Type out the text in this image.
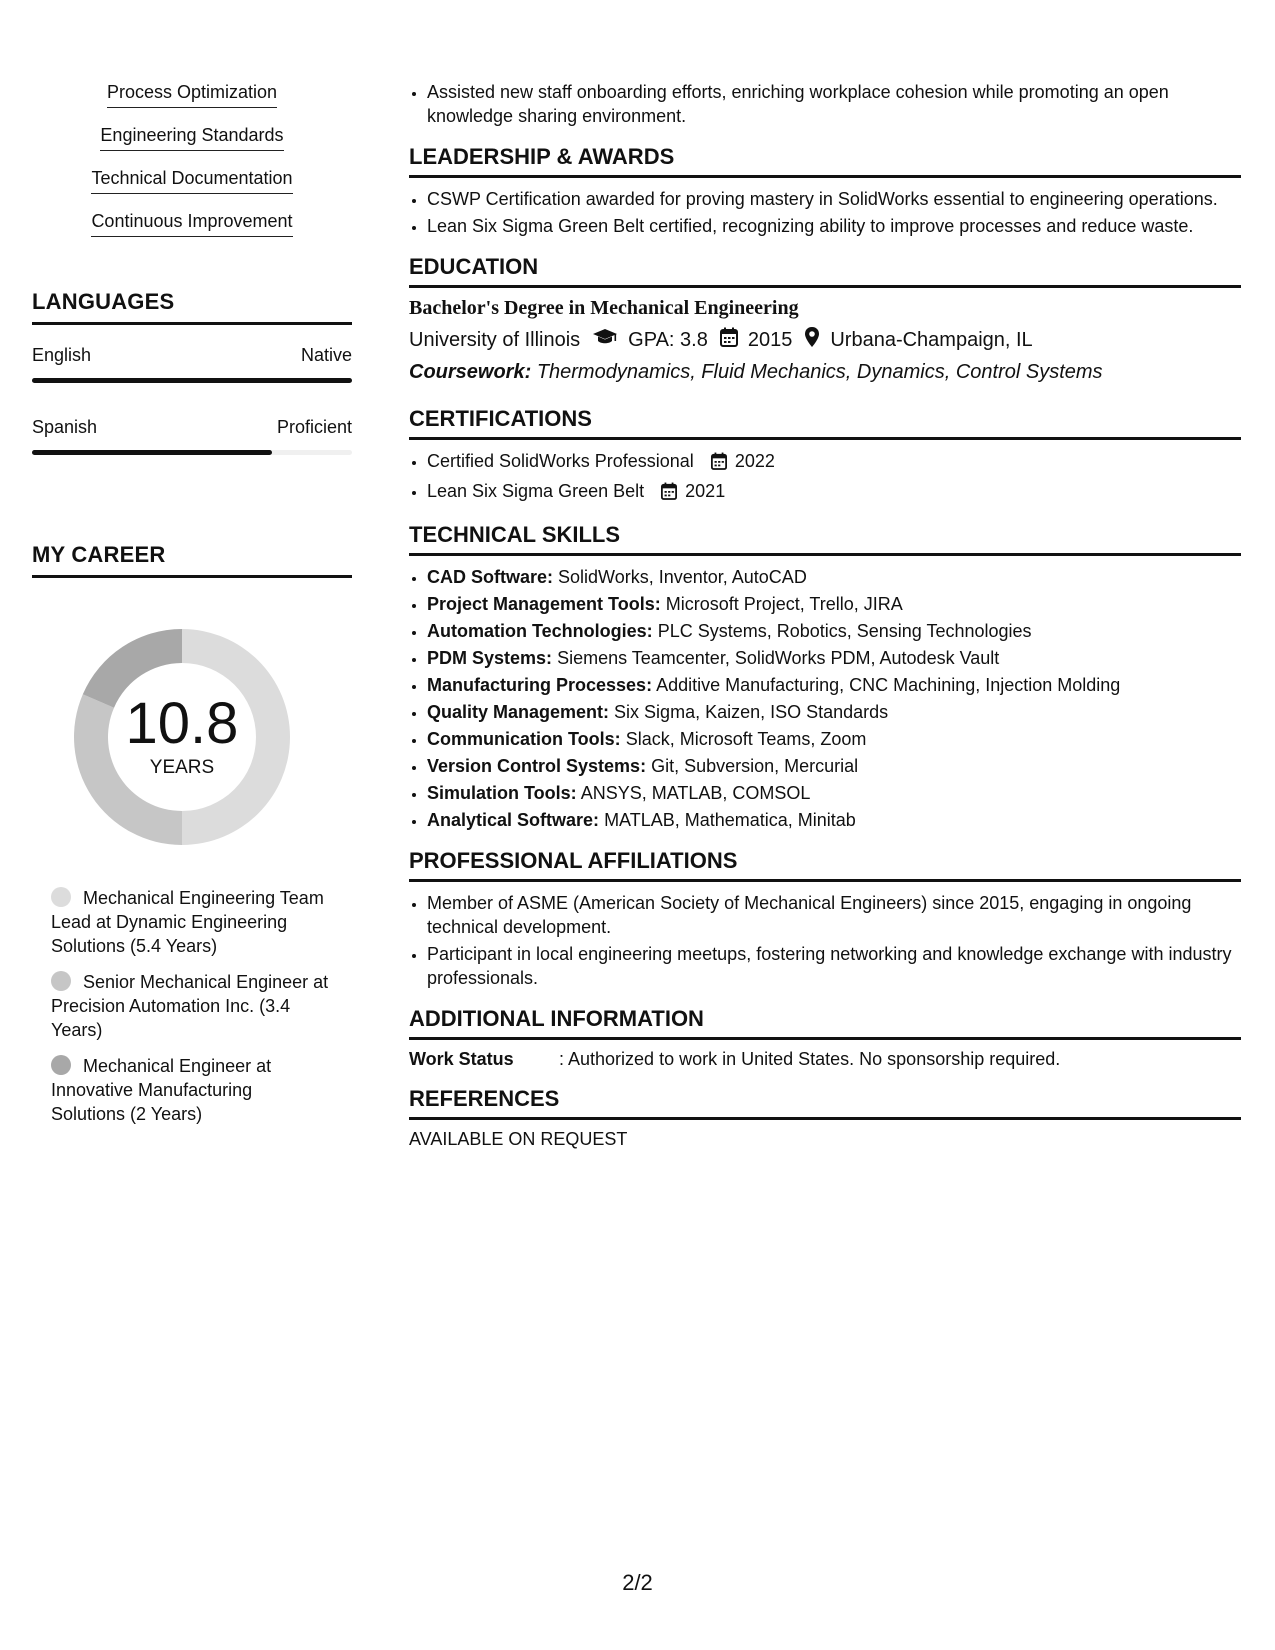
Process Optimization
Engineering Standards
Technical Documentation
Continuous Improvement
LANGUAGES
English	Native
Spanish	Proficient
MY CAREER
10.8
YEARS
Mechanical Engineering Team Lead at Dynamic Engineering Solutions (5.4 Years)
Senior Mechanical Engineer at Precision Automation Inc. (3.4 Years)
Mechanical Engineer at Innovative Manufacturing Solutions (2 Years)
• Assisted new staff onboarding efforts, enriching workplace cohesion while promoting an open knowledge sharing environment.
LEADERSHIP & AWARDS
• CSWP Certification awarded for proving mastery in SolidWorks essential to engineering operations.
• Lean Six Sigma Green Belt certified, recognizing ability to improve processes and reduce waste.
EDUCATION
Bachelor's Degree in Mechanical Engineering
University of Illinois GPA: 3.8 2015 Urbana-Champaign, IL
Coursework: Thermodynamics, Fluid Mechanics, Dynamics, Control Systems
CERTIFICATIONS
• Certified SolidWorks Professional 2022
• Lean Six Sigma Green Belt 2021
TECHNICAL SKILLS
• CAD Software: SolidWorks, Inventor, AutoCAD
• Project Management Tools: Microsoft Project, Trello, JIRA
• Automation Technologies: PLC Systems, Robotics, Sensing Technologies
• PDM Systems: Siemens Teamcenter, SolidWorks PDM, Autodesk Vault
• Manufacturing Processes: Additive Manufacturing, CNC Machining, Injection Molding
• Quality Management: Six Sigma, Kaizen, ISO Standards
• Communication Tools: Slack, Microsoft Teams, Zoom
• Version Control Systems: Git, Subversion, Mercurial
• Simulation Tools: ANSYS, MATLAB, COMSOL
• Analytical Software: MATLAB, Mathematica, Minitab
PROFESSIONAL AFFILIATIONS
• Member of ASME (American Society of Mechanical Engineers) since 2015, engaging in ongoing technical development.
• Participant in local engineering meetups, fostering networking and knowledge exchange with industry professionals.
ADDITIONAL INFORMATION
Work Status	: Authorized to work in United States. No sponsorship required.
REFERENCES
AVAILABLE ON REQUEST
2/2
